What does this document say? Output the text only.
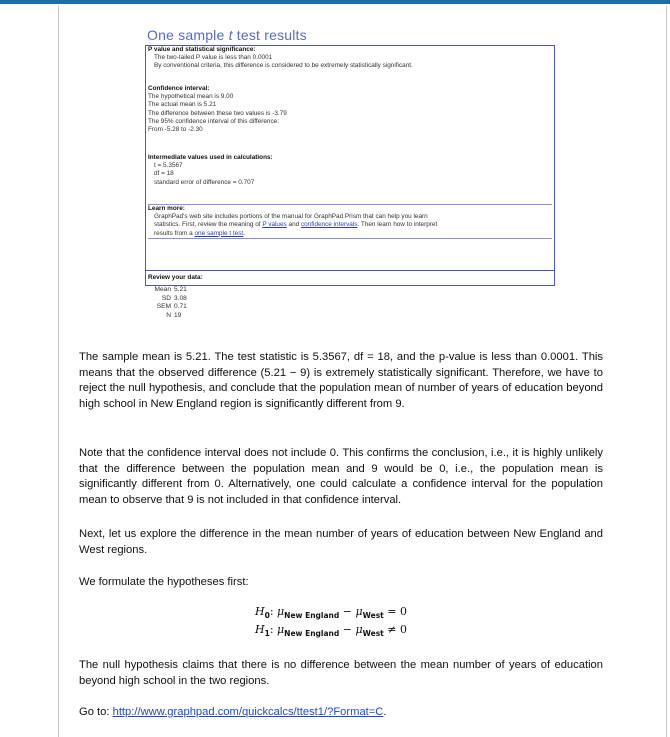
One sample t test results
P value and statistical significance:
The two-tailed P value is less than 0.0001
By conventional criteria, this difference is considered to be extremely statistically significant.
Confidence interval:
The hypothetical mean is 9.00
The actual mean is 5.21
The difference between these two values is -3.79
The 95% confidence interval of this difference:
From -5.28 to -2.30
Intermediate values used in calculations:
t = 5.3567
df = 18
standard error of difference = 0.707
Learn more:
GraphPad's web site includes portions of the manual for GraphPad Prism that can help you learn
statistics. First, review the meaning of P values and confidence intervals. Then learn how to interpret
results from a one sample t test.
Review your data:
Mean 5.21
SD 3.08
SEM 0.71
N 19
The sample mean is 5.21. The test statistic is 5.3567, df = 18, and the p-value is less than 0.0001. This means that the observed difference (5.21 − 9) is extremely statistically significant. Therefore, we have to reject the null hypothesis, and conclude that the population mean of number of years of education beyond high school in New England region is significantly different from 9.
Note that the confidence interval does not include 0. This confirms the conclusion, i.e., it is highly unlikely that the difference between the population mean and 9 would be 0, i.e., the population mean is significantly different from 0. Alternatively, one could calculate a confidence interval for the population mean to observe that 9 is not included in that confidence interval.
Next, let us explore the difference in the mean number of years of education between New England and West regions.
We formulate the hypotheses first:
$H_0$: $\mu_{New England} - \mu_{West} = 0$
$H_1$: $\mu_{New England} - \mu_{West} \ne 0$
The null hypothesis claims that there is no difference between the mean number of years of education beyond high school in the two regions.
Go to: http://www.graphpad.com/quickcalcs/ttest1/?Format=C.
